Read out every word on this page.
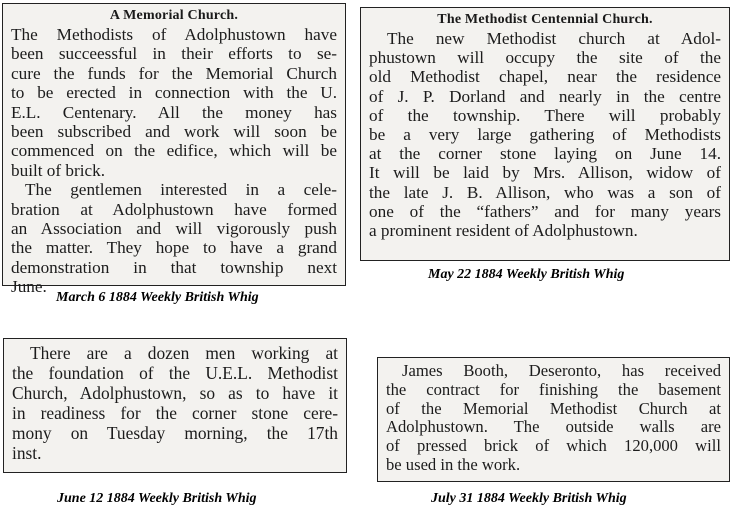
A Memorial Church.
The Methodists of Adolphustown have
been succeessful in their efforts to se-
cure the funds for the Memorial Church
to be erected in connection with the U.
E.L. Centenary. All the money has
been subscribed and work will soon be
commenced on the edifice, which will be
built of brick.
The gentlemen interested in a cele-
bration at Adolphustown have formed
an Association and will vigorously push
the matter. They hope to have a grand
demonstration in that township next
June.
March 6 1884 Weekly British Whig
The Methodist Centennial Church.
The new Methodist church at Adol-
phustown will occupy the site of the
old Methodist chapel, near the residence
of J. P. Dorland and nearly in the centre
of the township. There will probably
be a very large gathering of Methodists
at the corner stone laying on June 14.
It will be laid by Mrs. Allison, widow of
the late J. B. Allison, who was a son of
one of the “fathers” and for many years
a prominent resident of Adolphustown.
May 22 1884 Weekly British Whig
There are a dozen men working at
the foundation of the U.E.L. Methodist
Church, Adolphustown, so as to have it
in readiness for the corner stone cere-
mony on Tuesday morning, the 17th
inst.
June 12 1884 Weekly British Whig
James Booth, Deseronto, has received
the contract for finishing the basement
of the Memorial Methodist Church at
Adolphustown. The outside walls are
of pressed brick of which 120,000 will
be used in the work.
July 31 1884 Weekly British Whig
